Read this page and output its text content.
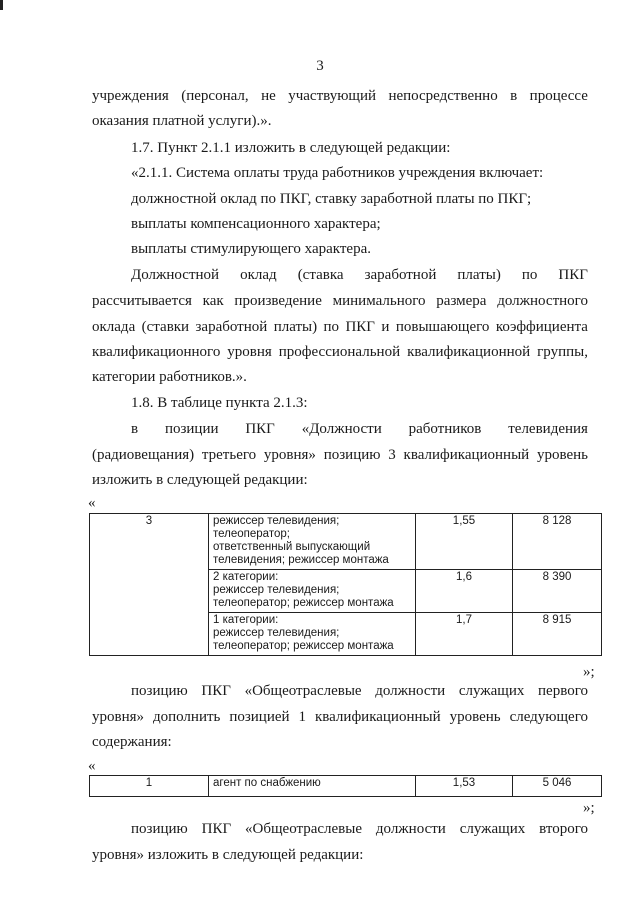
3
учреждения (персонал, не участвующий непосредственно в процессе
оказания платной услуги).».
1.7. Пункт 2.1.1 изложить в следующей редакции:
«2.1.1. Система оплаты труда работников учреждения включает:
должностной оклад по ПКГ, ставку заработной платы по ПКГ;
выплаты компенсационного характера;
выплаты стимулирующего характера.
Должностной оклад (ставка заработной платы) по ПКГ
рассчитывается как произведение минимального размера должностного
оклада (ставки заработной платы) по ПКГ и повышающего коэффициента
квалификационного уровня профессиональной квалификационной группы,
категории работников.».
1.8. В таблице пункта 2.1.3:
в позиции ПКГ «Должности работников телевидения
(радиовещания) третьего уровня» позицию 3 квалификационный уровень
изложить в следующей редакции:
«
3	режиссер телевидения;
телеоператор;
ответственный выпускающий
телевидения; режиссер монтажа	1,55	8 128

	2 категории:
режиссер телевидения;
телеоператор; режиссер монтажа	1,6	8 390

	1 категории:
режиссер телевидения;
телеоператор; режиссер монтажа	1,7	8 915
»;
позицию ПКГ «Общеотраслевые должности служащих первого
уровня» дополнить позицией 1 квалификационный уровень следующего
содержания:
«
1	агент по снабжению	1,53	5 046
»;
позицию ПКГ «Общеотраслевые должности служащих второго
уровня» изложить в следующей редакции:
